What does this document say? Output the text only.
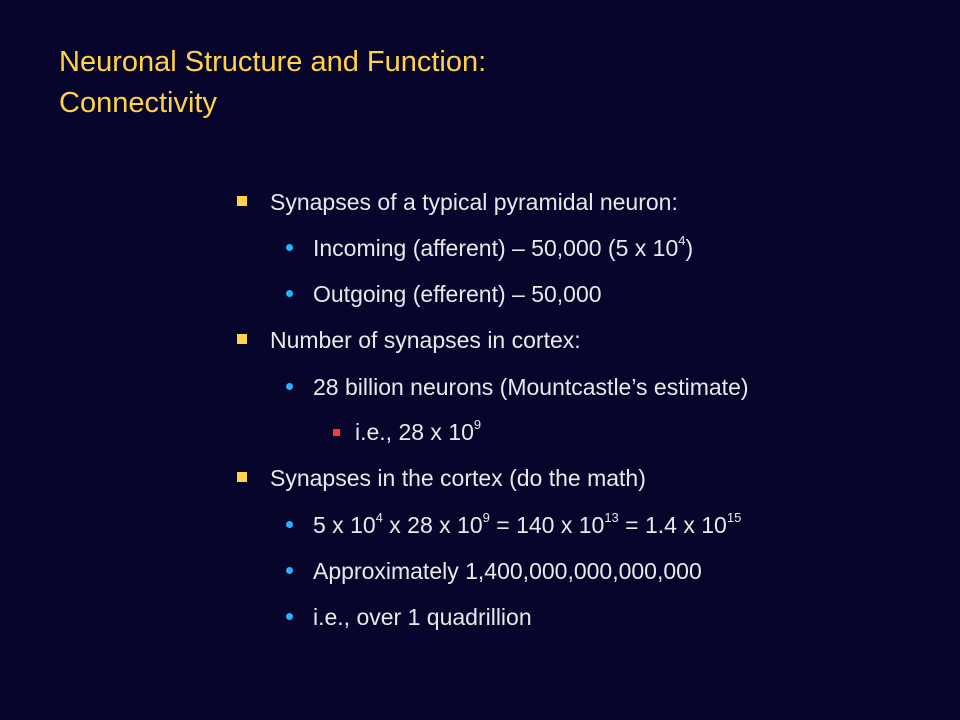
Neuronal Structure and Function:
Connectivity
Synapses of a typical pyramidal neuron:
Incoming (afferent) – 50,000 (5 x $10^4$)
Outgoing (efferent) – 50,000
Number of synapses in cortex:
28 billion neurons (Mountcastle’s estimate)
i.e., 28 x $10^9$
Synapses in the cortex (do the math)
5 x $10^4$ x 28 x $10^9 = 140$ x $10^{13} = 1.4$ x $10^{15}$
Approximately 1,400,000,000,000,000
i.e., over 1 quadrillion
